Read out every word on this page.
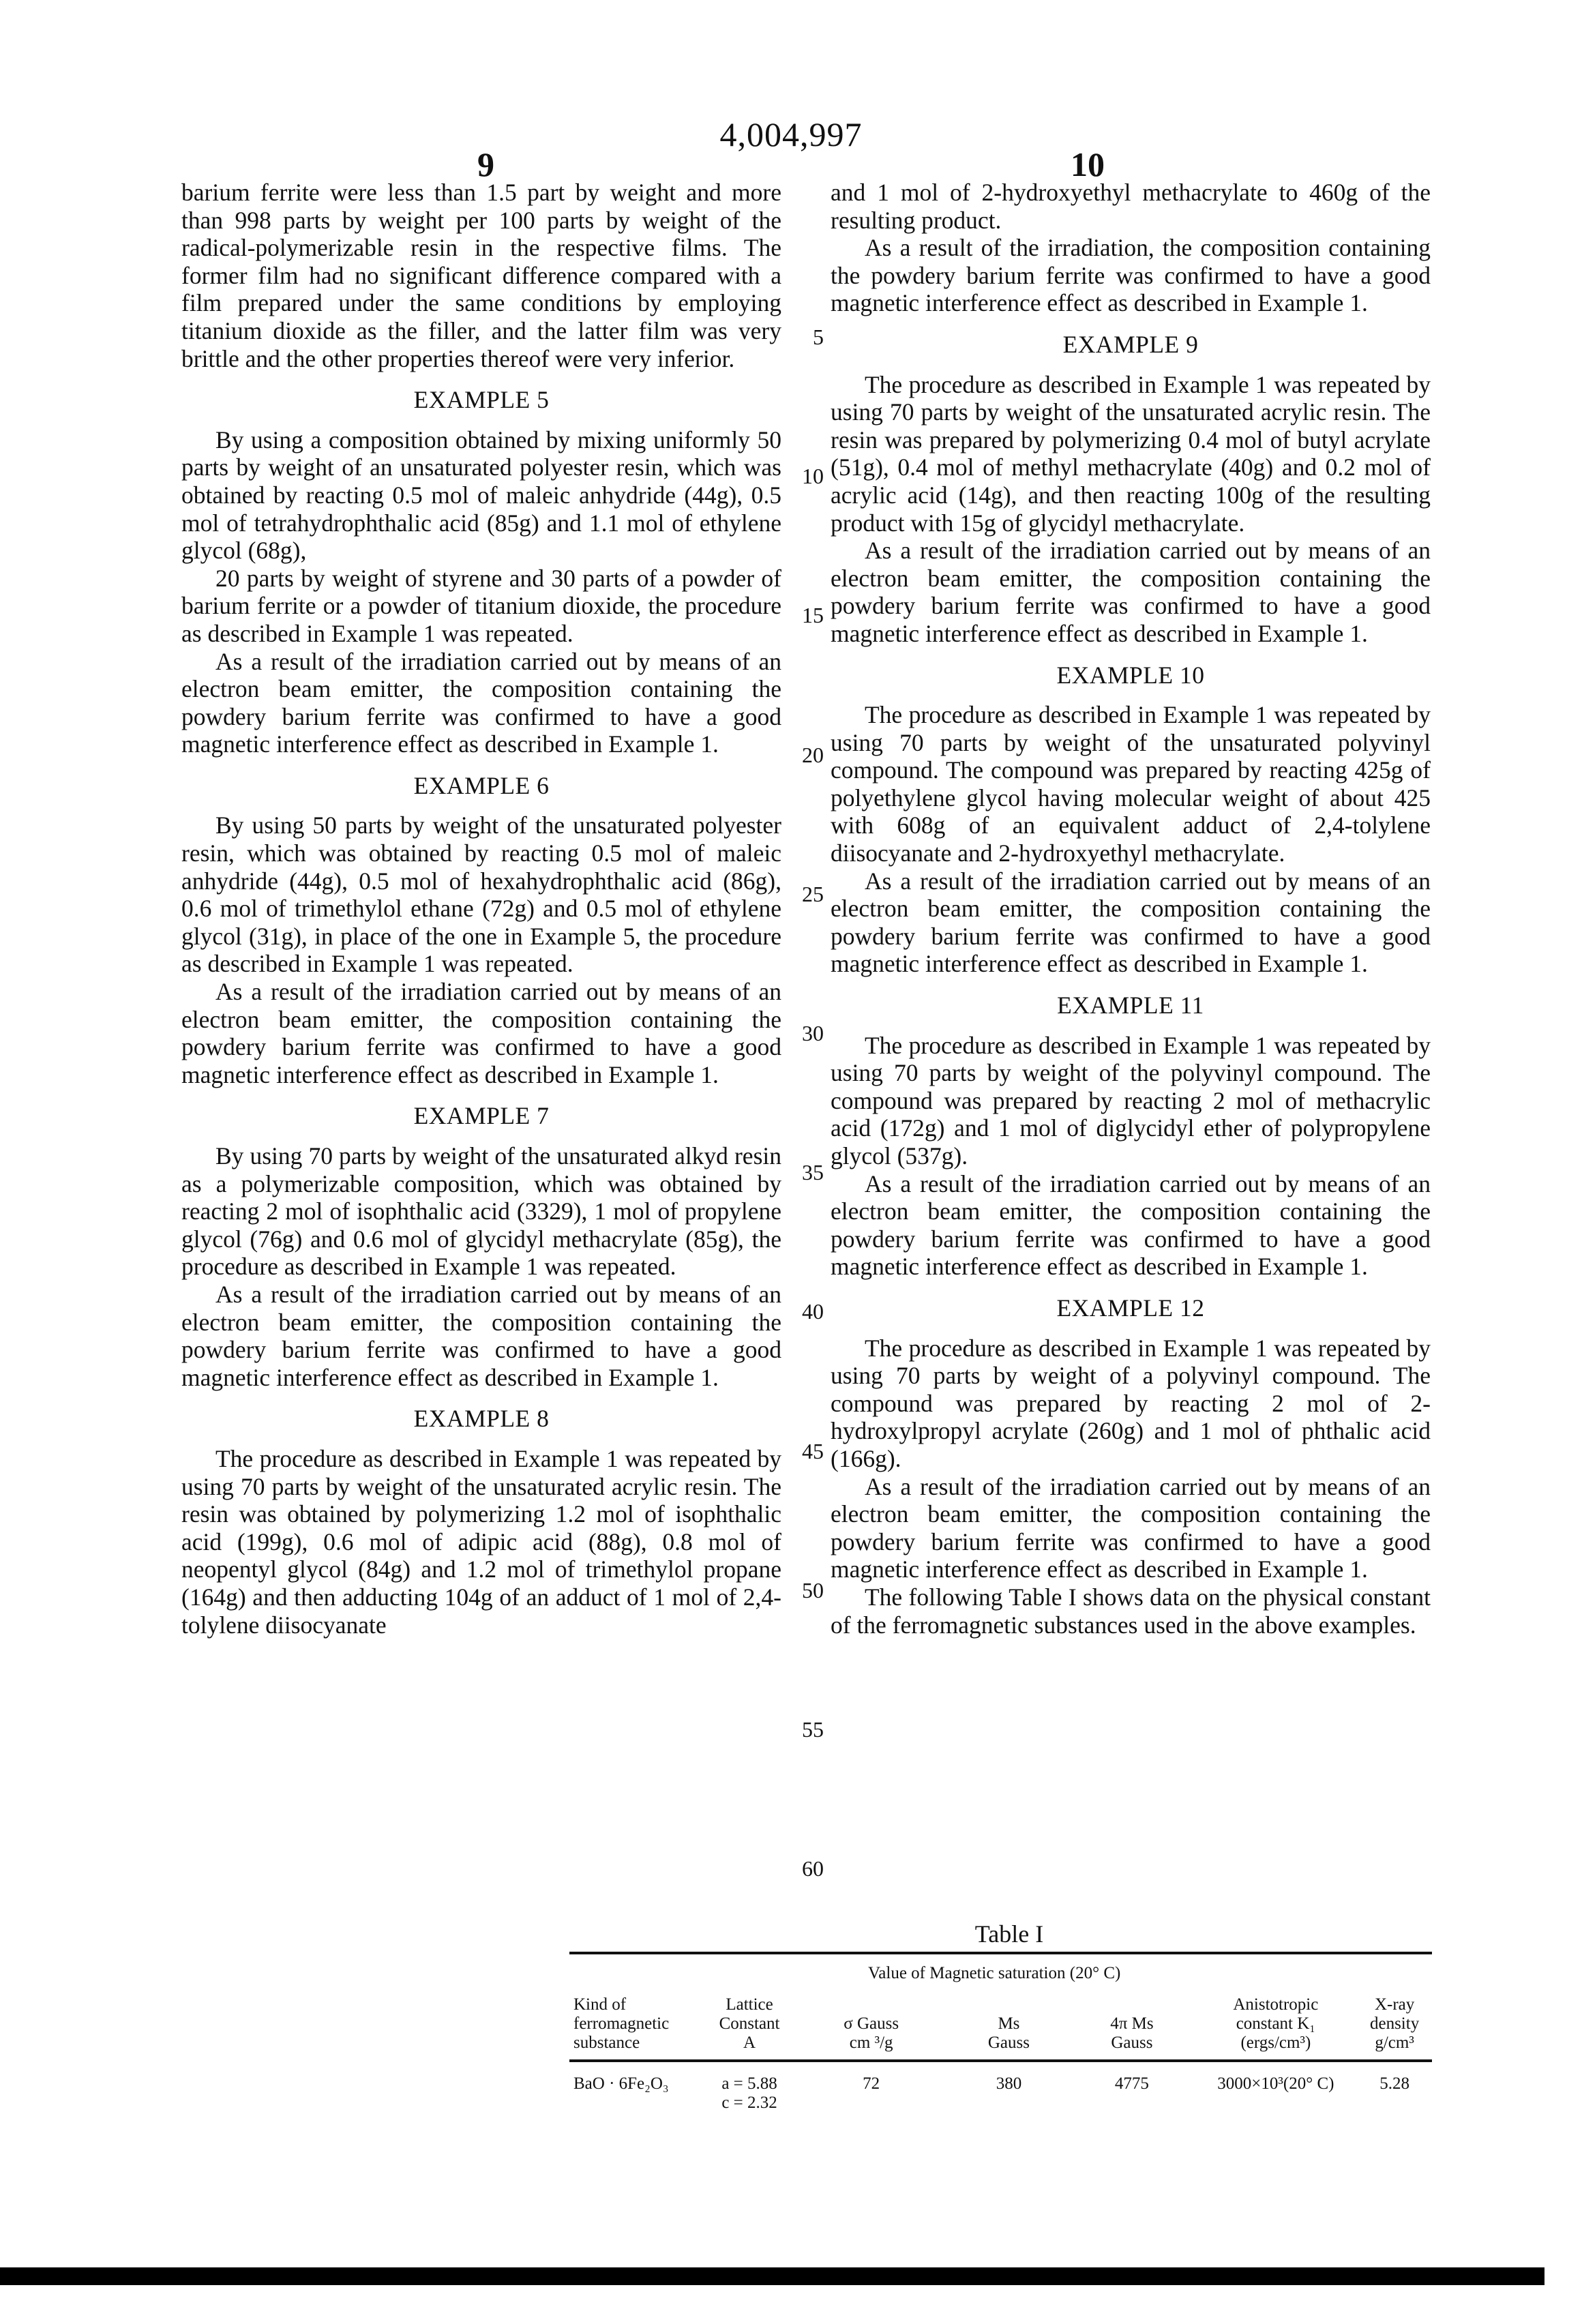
4,004,997
9	10

barium ferrite were less than 1.5 part by weight and more than 998 parts by weight per 100 parts by weight of the radical-polymerizable resin in the respective films. The former film had no significant difference compared with a film prepared under the same conditions by employing titanium dioxide as the filler, and the latter film was very brittle and the other properties thereof were very inferior.

EXAMPLE 5

By using a composition obtained by mixing uniformly 50 parts by weight of an unsaturated polyester resin, which was obtained by reacting 0.5 mol of maleic anhydride (44g), 0.5 mol of tetrahydrophthalic acid (85g) and 1.1 mol of ethylene glycol (68g),

20 parts by weight of styrene and 30 parts of a powder of barium ferrite or a powder of titanium dioxide, the procedure as described in Example 1 was repeated.

As a result of the irradiation carried out by means of an electron beam emitter, the composition containing the powdery barium ferrite was confirmed to have a good magnetic interference effect as described in Example 1.

EXAMPLE 6

By using 50 parts by weight of the unsaturated polyester resin, which was obtained by reacting 0.5 mol of maleic anhydride (44g), 0.5 mol of hexahydrophthalic acid (86g), 0.6 mol of trimethylol ethane (72g) and 0.5 mol of ethylene glycol (31g), in place of the one in Example 5, the procedure as described in Example 1 was repeated.

As a result of the irradiation carried out by means of an electron beam emitter, the composition containing the powdery barium ferrite was confirmed to have a good magnetic interference effect as described in Example 1.

EXAMPLE 7

By using 70 parts by weight of the unsaturated alkyd resin as a polymerizable composition, which was obtained by reacting 2 mol of isophthalic acid (3329), 1 mol of propylene glycol (76g) and 0.6 mol of glycidyl methacrylate (85g), the procedure as described in Example 1 was repeated.

As a result of the irradiation carried out by means of an electron beam emitter, the composition containing the powdery barium ferrite was confirmed to have a good magnetic interference effect as described in Example 1.

EXAMPLE 8

The procedure as described in Example 1 was repeated by using 70 parts by weight of the unsaturated acrylic resin. The resin was obtained by polymerizing 1.2 mol of isophthalic acid (199g), 0.6 mol of adipic acid (88g), 0.8 mol of neopentyl glycol (84g) and 1.2 mol of trimethylol propane (164g) and then adducting 104g of an adduct of 1 mol of 2,4-tolylene diisocyanate

5
10
15
20
25
30
35
40
45
50
55
60

and 1 mol of 2-hydroxyethyl methacrylate to 460g of the resulting product.

As a result of the irradiation, the composition containing the powdery barium ferrite was confirmed to have a good magnetic interference effect as described in Example 1.

EXAMPLE 9

The procedure as described in Example 1 was repeated by using 70 parts by weight of the unsaturated acrylic resin. The resin was prepared by polymerizing 0.4 mol of butyl acrylate (51g), 0.4 mol of methyl methacrylate (40g) and 0.2 mol of acrylic acid (14g), and then reacting 100g of the resulting product with 15g of glycidyl methacrylate.

As a result of the irradiation carried out by means of an electron beam emitter, the composition containing the powdery barium ferrite was confirmed to have a good magnetic interference effect as described in Example 1.

EXAMPLE 10

The procedure as described in Example 1 was repeated by using 70 parts by weight of the unsaturated polyvinyl compound. The compound was prepared by reacting 425g of polyethylene glycol having molecular weight of about 425 with 608g of an equivalent adduct of 2,4-tolylene diisocyanate and 2-hydroxyethyl methacrylate.

As a result of the irradiation carried out by means of an electron beam emitter, the composition containing the powdery barium ferrite was confirmed to have a good magnetic interference effect as described in Example 1.

EXAMPLE 11

The procedure as described in Example 1 was repeated by using 70 parts by weight of the polyvinyl compound. The compound was prepared by reacting 2 mol of methacrylic acid (172g) and 1 mol of diglycidyl ether of polypropylene glycol (537g).

As a result of the irradiation carried out by means of an electron beam emitter, the composition containing the powdery barium ferrite was confirmed to have a good magnetic interference effect as described in Example 1.

EXAMPLE 12

The procedure as described in Example 1 was repeated by using 70 parts by weight of a polyvinyl compound. The compound was prepared by reacting 2 mol of 2-hydroxylpropyl acrylate (260g) and 1 mol of phthalic acid (166g).

As a result of the irradiation carried out by means of an electron beam emitter, the composition containing the powdery barium ferrite was confirmed to have a good magnetic interference effect as described in Example 1.

The following Table I shows data on the physical constant of the ferromagnetic substances used in the above examples.

Table I
		Value of Magnetic saturation (20° C)				

Kind of
ferromagnetic
substance	Lattice
Constant
A	σ Gauss
cm ³/g	Ms
Gauss	4π Ms
Gauss	Anistotropic
constant K₁
(ergs/cm³)	X-ray
density
g/cm³

BaO · 6Fe₂O₃	a = 5.88
c = 2.32	72	380	4775	3000×10³(20° C)	5.28
